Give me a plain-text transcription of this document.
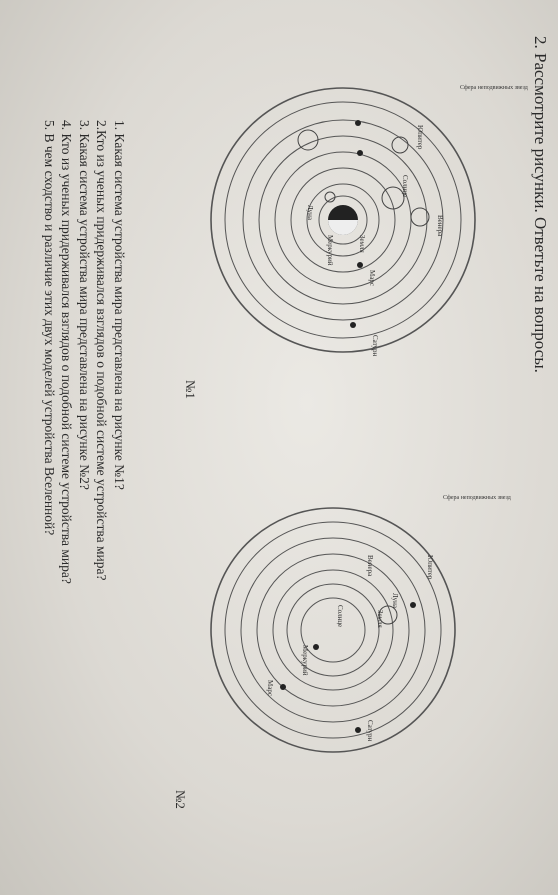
2. Рассмотрите рисунки. Ответьте на вопросы.
Сфера неподвижных звезд
Юпитер
Венера
Солнце
Луна
Земля
Марс
Меркурий
Сатурн
№1
Сфера неподвижных звезд
Юпитер
Венера
Луна
Земля
Солнце
Меркурий
Марс
Сатурн
№2
1. Какая система устройства мира представлена на рисунке №1?
2.Кто из ученых придерживался взглядов о подобной системе устройства мира?
3. Какая система устройства мира представлена на рисунке №2?
4. Кто из ученых придерживался взглядов о подобной системе устройства мира?
5. В чем сходство и различие этих двух моделей устройства Вселенной?
